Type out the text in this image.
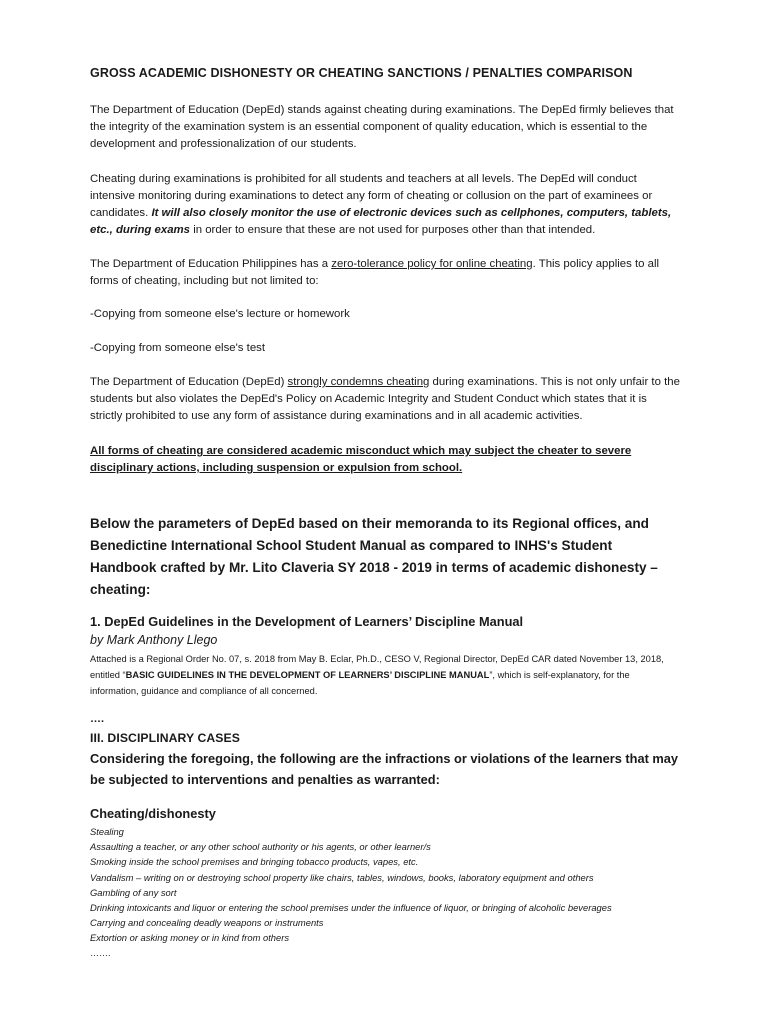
GROSS ACADEMIC DISHONESTY OR CHEATING SANCTIONS / PENALTIES COMPARISON

The Department of Education (DepEd) stands against cheating during examinations. The DepEd firmly believes that the integrity of the examination system is an essential component of quality education, which is essential to the development and professionalization of our students.

Cheating during examinations is prohibited for all students and teachers at all levels. The DepEd will conduct intensive monitoring during examinations to detect any form of cheating or collusion on the part of examinees or candidates. It will also closely monitor the use of electronic devices such as cellphones, computers, tablets, etc., during exams in order to ensure that these are not used for purposes other than that intended.

The Department of Education Philippines has a zero-tolerance policy for online cheating. This policy applies to all forms of cheating, including but not limited to:

-Copying from someone else's lecture or homework

-Copying from someone else's test

The Department of Education (DepEd) strongly condemns cheating during examinations. This is not only unfair to the students but also violates the DepEd's Policy on Academic Integrity and Student Conduct which states that it is strictly prohibited to use any form of assistance during examinations and in all academic activities.

All forms of cheating are considered academic misconduct which may subject the cheater to severe disciplinary actions, including suspension or expulsion from school.

Below the parameters of DepEd based on their memoranda to its Regional offices, and Benedictine International School Student Manual as compared to INHS's Student Handbook crafted by Mr. Lito Claveria SY 2018 - 2019 in terms of academic dishonesty – cheating:

1. DepEd Guidelines in the Development of Learners’ Discipline Manual
by Mark Anthony Llego

Attached is a Regional Order No. 07, s. 2018 from May B. Eclar, Ph.D., CESO V, Regional Director, DepEd CAR dated November 13, 2018, entitled “BASIC GUIDELINES IN THE DEVELOPMENT OF LEARNERS’ DISCIPLINE MANUAL”, which is self-explanatory, for the information, guidance and compliance of all concerned.

….
III. DISCIPLINARY CASES

Considering the foregoing, the following are the infractions or violations of the learners that may be subjected to interventions and penalties as warranted:

Cheating/dishonesty
Stealing
Assaulting a teacher, or any other school authority or his agents, or other learner/s
Smoking inside the school premises and bringing tobacco products, vapes, etc.
Vandalism – writing on or destroying school property like chairs, tables, windows, books, laboratory equipment and others
Gambling of any sort
Drinking intoxicants and liquor or entering the school premises under the influence of liquor, or bringing of alcoholic beverages
Carrying and concealing deadly weapons or instruments
Extortion or asking money or in kind from others
…….
